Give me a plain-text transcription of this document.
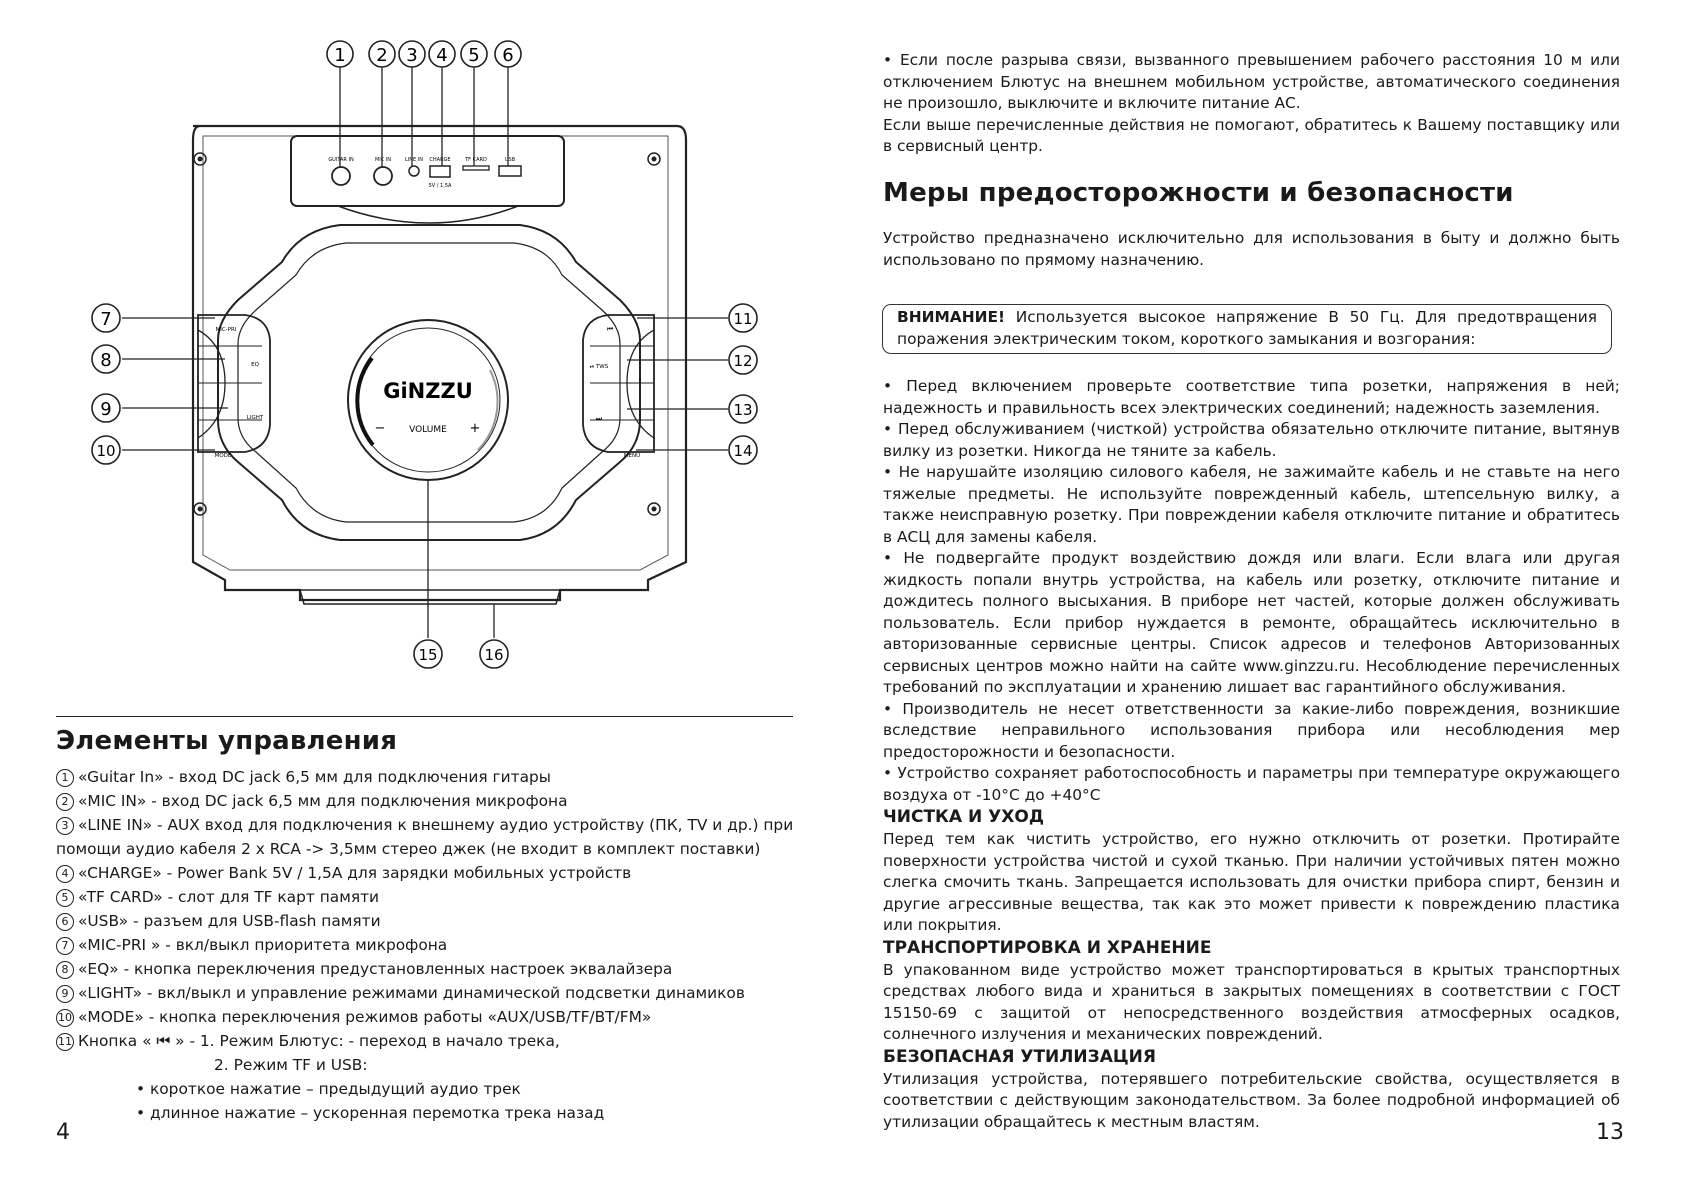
GUITAR IN	MIC IN	LINE IN CHARGE	TF CARD	USB
5V / 1,5A
MIC-PRI
EQ
LIGHT
MODE
⏮
⏯ TWS
⏭
MENU
GiNZZU
−	VOLUME +
1 2 3 4 5 6
7
8
9
10
11
12
13
14
15	16
Элементы управления
1 «Guitar In» - вход DC jack 6,5 мм для подключения гитары
2 «MIC IN» - вход DC jack 6,5 мм для подключения микрофона
3 «LINE IN» - AUX вход для подключения к внешнему аудио устройству (ПК, TV и др.) при помощи аудио кабеля 2 x RCA -> 3,5мм стерео джек (не входит в комплект поставки)
4 «CHARGE» - Power Bank 5V / 1,5A для зарядки мобильных устройств
5 «TF CARD» - слот для TF карт памяти
6 «USB» - разъем для USB-flash памяти
7 «MIC-PRI » - вкл/выкл приоритета микрофона
8 «EQ» - кнопка переключения предустановленных настроек эквалайзера
9 «LIGHT» - вкл/выкл и управление режимами динамической подсветки динамиков
10 «MODE» - кнопка переключения режимов работы «AUX/USB/TF/BT/FM»
11 Кнопка « ⏮ » - 1. Режим Блютус: - переход в начало трека,
2. Режим TF и USB:
• короткое нажатие – предыдущий аудио трек
• длинное нажатие – ускоренная перемотка трека назад
4

• Если после разрыва связи, вызванного превышением рабочего расстояния 10 м или отключением Блютус на внешнем мобильном устройстве, автоматического соединения не произошло, выключите и включите питание АС.

Если выше перечисленные действия не помогают, обратитесь к Вашему поставщику или в сервисный центр.

Меры предосторожности и безопасности
Устройство предназначено исключительно для использования в быту и должно быть использовано по прямому назначению.
ВНИМАНИЕ! Используется высокое напряжение В 50 Гц. Для предотвращения поражения электрическим током, короткого замыкания и возгорания:

• Перед включением проверьте соответствие типа розетки, напряжения в ней; надежность и правильность всех электрических соединений; надежность заземления.

• Перед обслуживанием (чисткой) устройства обязательно отключите питание, вытянув вилку из розетки. Никогда не тяните за кабель.

• Не нарушайте изоляцию силового кабеля, не зажимайте кабель и не ставьте на него тяжелые предметы. Не используйте поврежденный кабель, штепсельную вилку, а также неисправную розетку. При повреждении кабеля отключите питание и обратитесь в АСЦ для замены кабеля.

• Не подвергайте продукт воздействию дождя или влаги. Если влага или другая жидкость попали внутрь устройства, на кабель или розетку, отключите питание и дождитесь полного высыхания. В приборе нет частей, которые должен обслуживать пользователь. Если прибор нуждается в ремонте, обращайтесь исключительно в авторизованные сервисные центры. Список адресов и телефонов Авторизованных сервисных центров можно найти на сайте www.ginzzu.ru. Несоблюдение перечисленных требований по эксплуатации и хранению лишает вас гарантийного обслуживания.

• Производитель не несет ответственности за какие-либо повреждения, возникшие вследствие неправильного использования прибора или несоблюдения мер предосторожности и безопасности.

• Устройство сохраняет работоспособность и параметры при температуре окружающего воздуха от -10°С до +40°С

ЧИСТКА И УХОД

Перед тем как чистить устройство, его нужно отключить от розетки. Протирайте поверхности устройства чистой и сухой тканью. При наличии устойчивых пятен можно слегка смочить ткань. Запрещается использовать для очистки прибора спирт, бензин и другие агрессивные вещества, так как это может привести к повреждению пластика или покрытия.

ТРАНСПОРТИРОВКА И ХРАНЕНИЕ

В упакованном виде устройство может транспортироваться в крытых транспортных средствах любого вида и храниться в закрытых помещениях в соответствии с ГОСТ 15150-69 с защитой от непосредственного воздействия атмосферных осадков, солнечного излучения и механических повреждений.

БЕЗОПАСНАЯ УТИЛИЗАЦИЯ

Утилизация устройства, потерявшего потребительские свойства, осуществляется в соответствии с действующим законодательством. За более подробной информацией об утилизации обращайтесь к местным властям.	13
